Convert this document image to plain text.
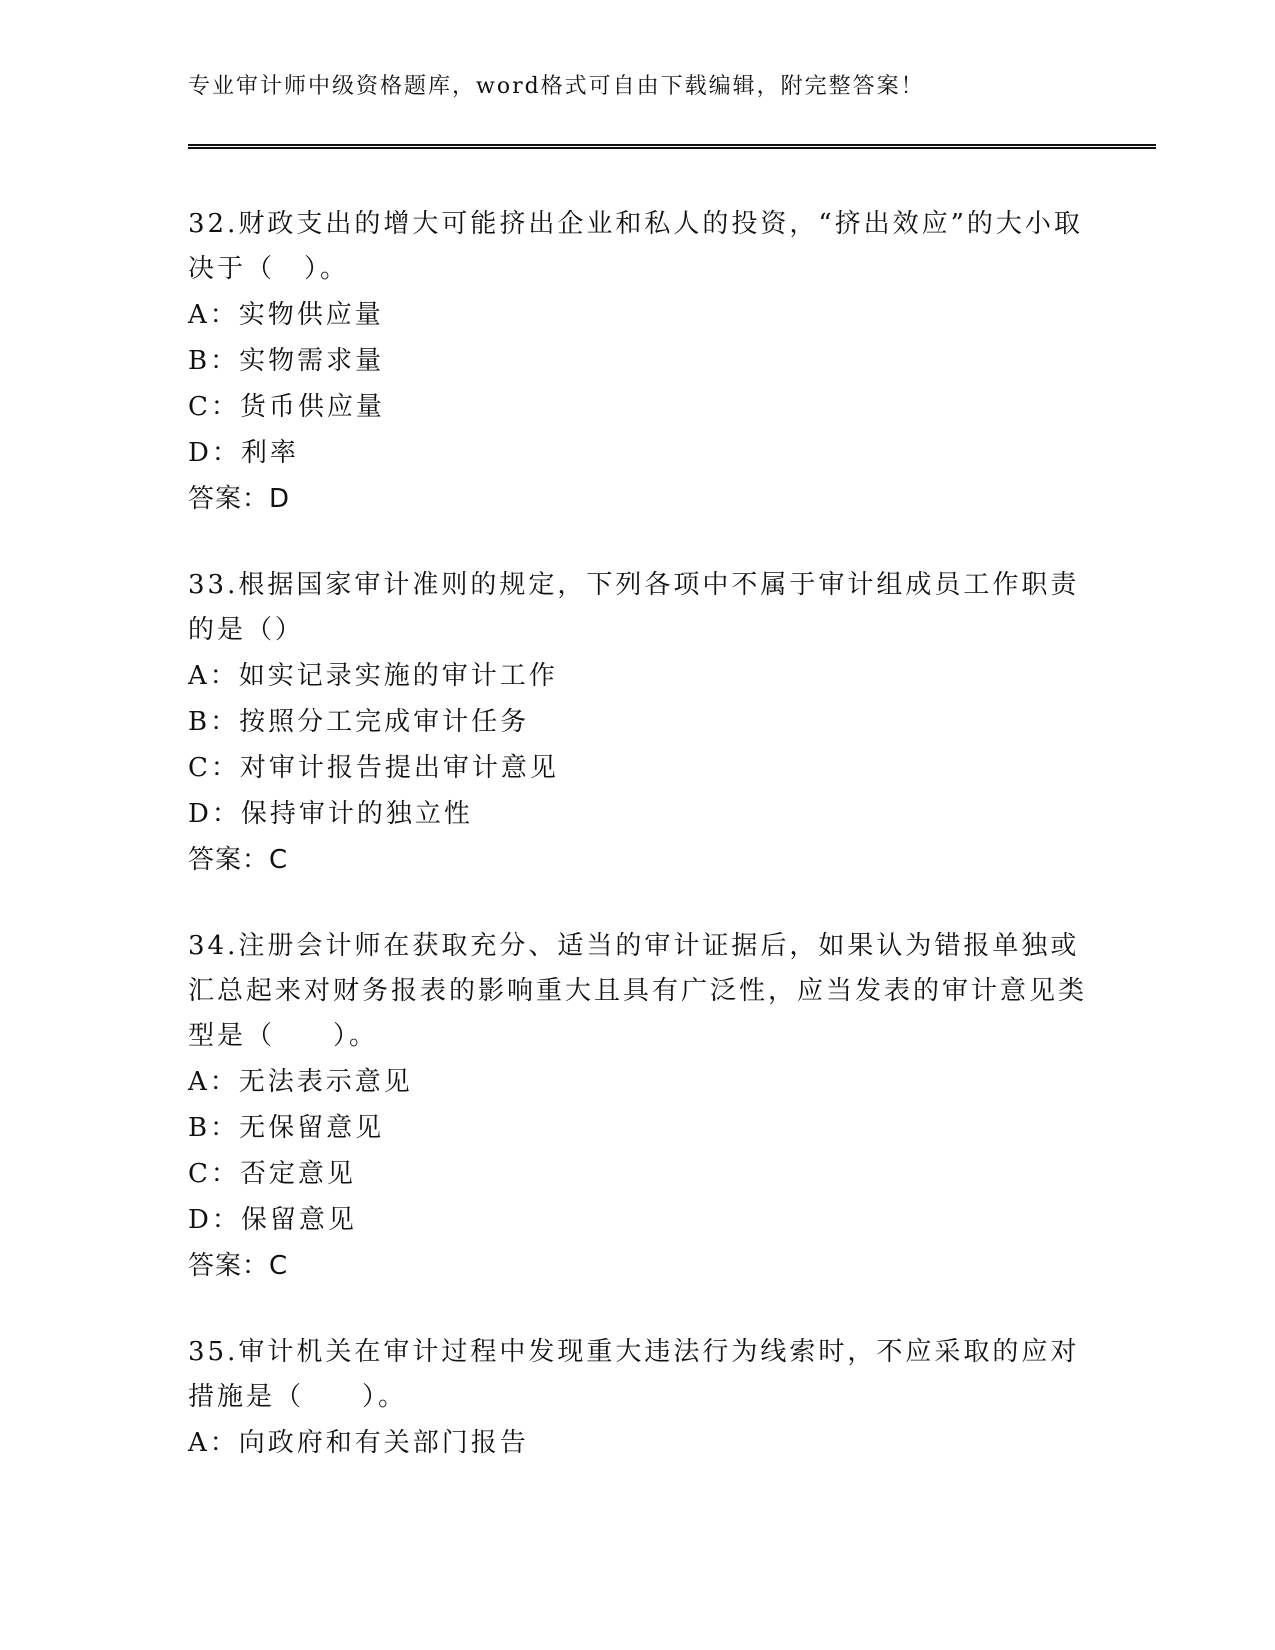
专业审计师中级资格题库，word格式可自由下载编辑，附完整答案！
32.财政支出的增大可能挤出企业和私人的投资，“挤出效应”的大小取决于（　）。
A：实物供应量
B：实物需求量
C：货币供应量
D：利率
答案：D
33.根据国家审计准则的规定，下列各项中不属于审计组成员工作职责的是（）
A：如实记录实施的审计工作
B：按照分工完成审计任务
C：对审计报告提出审计意见
D：保持审计的独立性
答案：C
34.注册会计师在获取充分、适当的审计证据后，如果认为错报单独或汇总起来对财务报表的影响重大且具有广泛性，应当发表的审计意见类型是（　　）。
A：无法表示意见
B：无保留意见
C：否定意见
D：保留意见
答案：C
35.审计机关在审计过程中发现重大违法行为线索时，不应采取的应对措施是（　　）。
A：向政府和有关部门报告
